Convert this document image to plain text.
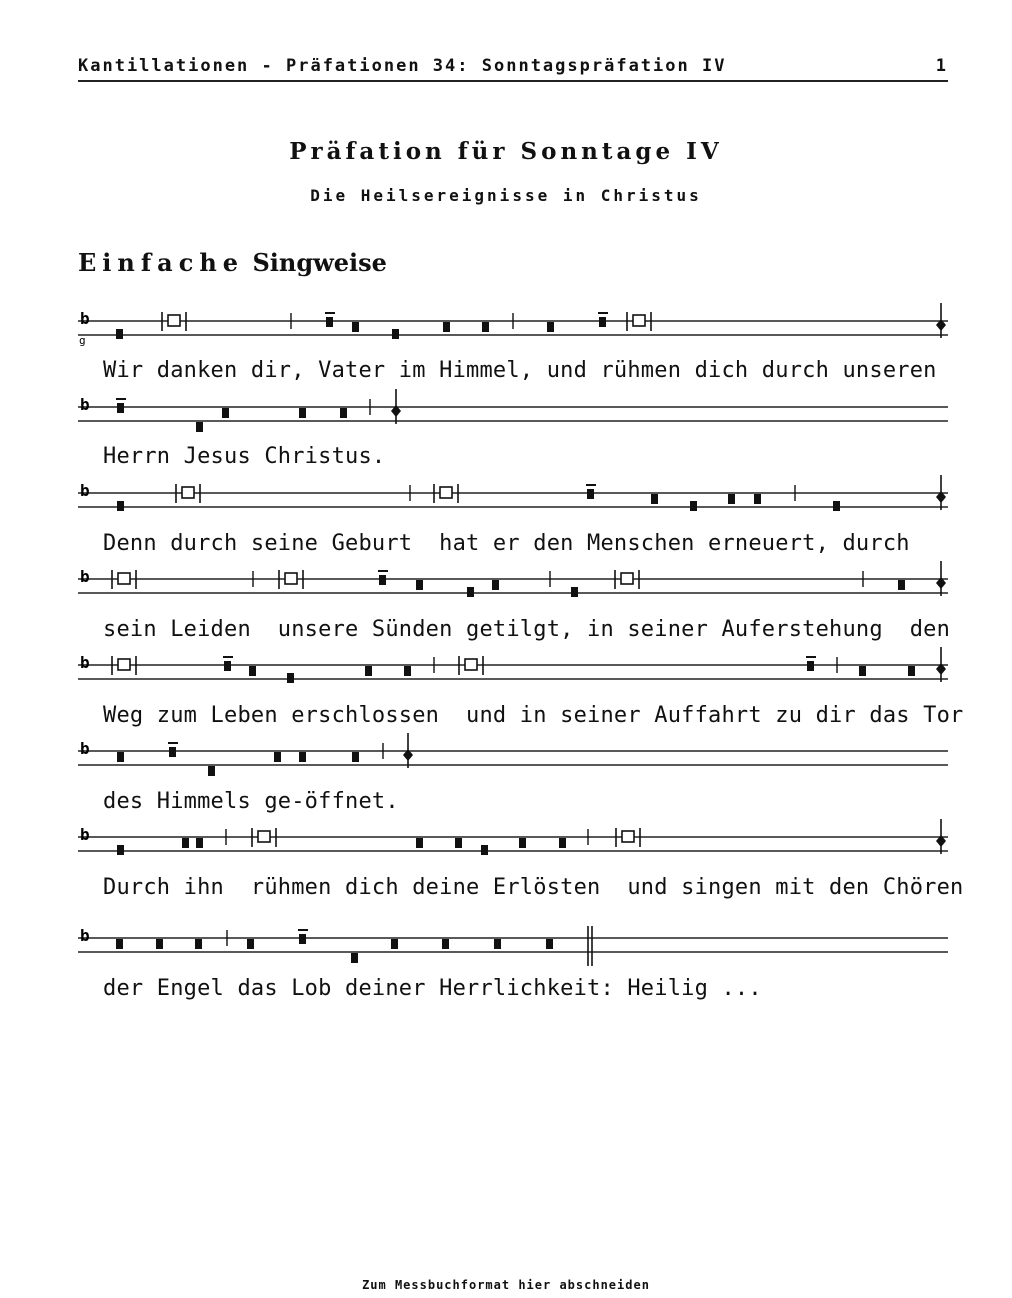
Kantillationen - Präfationen 34: Sonntagspräfation IV	1
Präfation für Sonntage IV
Die Heilsereignisse in Christus
Einfache Singweise
b
g
b
b
b
b
b
b
b
Wir danken dir, Vater im Himmel, und rühmen dich durch unseren
Herrn Jesus Christus.
Denn durch seine Geburt  hat er den Menschen erneuert, durch
sein Leiden  unsere Sünden getilgt, in seiner Auferstehung  den
Weg zum Leben erschlossen  und in seiner Auffahrt zu dir das Tor
des Himmels ge-öffnet.
Durch ihn  rühmen dich deine Erlösten  und singen mit den Chören
der Engel das Lob deiner Herrlichkeit: Heilig ...
Zum Messbuchformat hier abschneiden
